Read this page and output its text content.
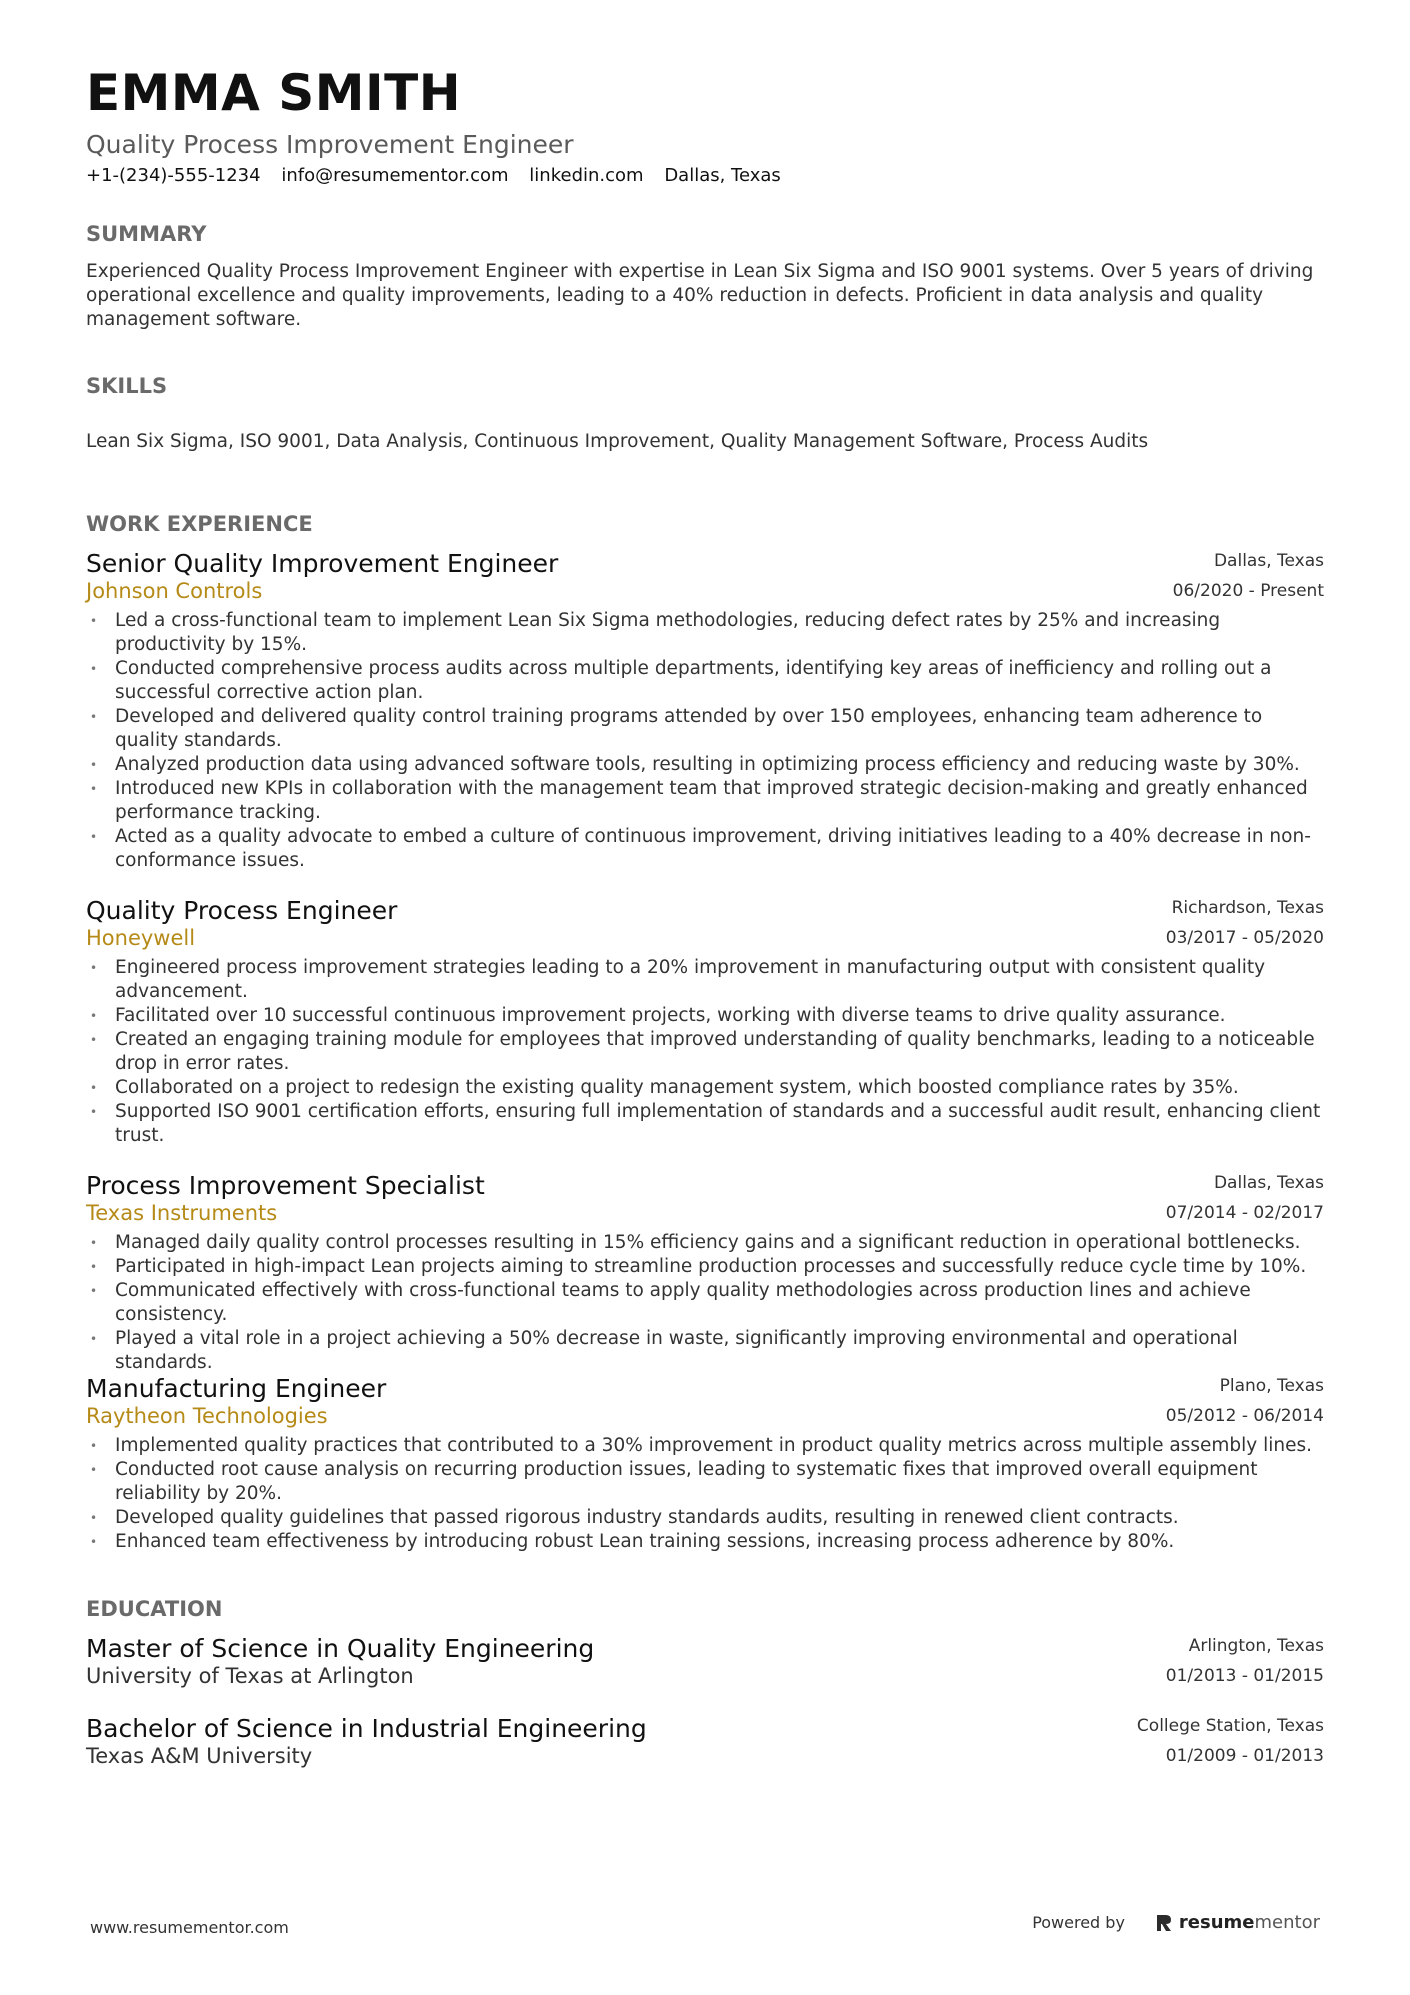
EMMA SMITH
Quality Process Improvement Engineer
+1-(234)-555-1234 info@resumementor.com linkedin.com Dallas, Texas
SUMMARY
Experienced Quality Process Improvement Engineer with expertise in Lean Six Sigma and ISO 9001 systems. Over 5 years of driving operational excellence and quality improvements, leading to a 40% reduction in defects. Proficient in data analysis and quality management software.
SKILLS
Lean Six Sigma, ISO 9001, Data Analysis, Continuous Improvement, Quality Management Software, Process Audits
WORK EXPERIENCE
Senior Quality Improvement Engineer
Johnson Controls
Dallas, Texas
06/2020 - Present
• Led a cross-functional team to implement Lean Six Sigma methodologies, reducing defect rates by 25% and increasing productivity by 15%.
• Conducted comprehensive process audits across multiple departments, identifying key areas of inefficiency and rolling out a successful corrective action plan.
• Developed and delivered quality control training programs attended by over 150 employees, enhancing team adherence to quality standards.
• Analyzed production data using advanced software tools, resulting in optimizing process efficiency and reducing waste by 30%.
• Introduced new KPIs in collaboration with the management team that improved strategic decision-making and greatly enhanced performance tracking.
• Acted as a quality advocate to embed a culture of continuous improvement, driving initiatives leading to a 40% decrease in non-conformance issues.
Quality Process Engineer
Honeywell
Richardson, Texas
03/2017 - 05/2020
• Engineered process improvement strategies leading to a 20% improvement in manufacturing output with consistent quality advancement.
• Facilitated over 10 successful continuous improvement projects, working with diverse teams to drive quality assurance.
• Created an engaging training module for employees that improved understanding of quality benchmarks, leading to a noticeable drop in error rates.
• Collaborated on a project to redesign the existing quality management system, which boosted compliance rates by 35%.
• Supported ISO 9001 certification efforts, ensuring full implementation of standards and a successful audit result, enhancing client trust.
Process Improvement Specialist
Texas Instruments
Dallas, Texas
07/2014 - 02/2017
• Managed daily quality control processes resulting in 15% efficiency gains and a significant reduction in operational bottlenecks.
• Participated in high-impact Lean projects aiming to streamline production processes and successfully reduce cycle time by 10%.
• Communicated effectively with cross-functional teams to apply quality methodologies across production lines and achieve consistency.
• Played a vital role in a project achieving a 50% decrease in waste, significantly improving environmental and operational standards.
Manufacturing Engineer
Raytheon Technologies
Plano, Texas
05/2012 - 06/2014
• Implemented quality practices that contributed to a 30% improvement in product quality metrics across multiple assembly lines.
• Conducted root cause analysis on recurring production issues, leading to systematic fixes that improved overall equipment reliability by 20%.
• Developed quality guidelines that passed rigorous industry standards audits, resulting in renewed client contracts.
• Enhanced team effectiveness by introducing robust Lean training sessions, increasing process adherence by 80%.
EDUCATION
Master of Science in Quality Engineering
University of Texas at Arlington
Arlington, Texas
01/2013 - 01/2015
Bachelor of Science in Industrial Engineering
Texas A&M University
College Station, Texas
01/2009 - 01/2013
www.resumementor.com	Powered by	resumementor
